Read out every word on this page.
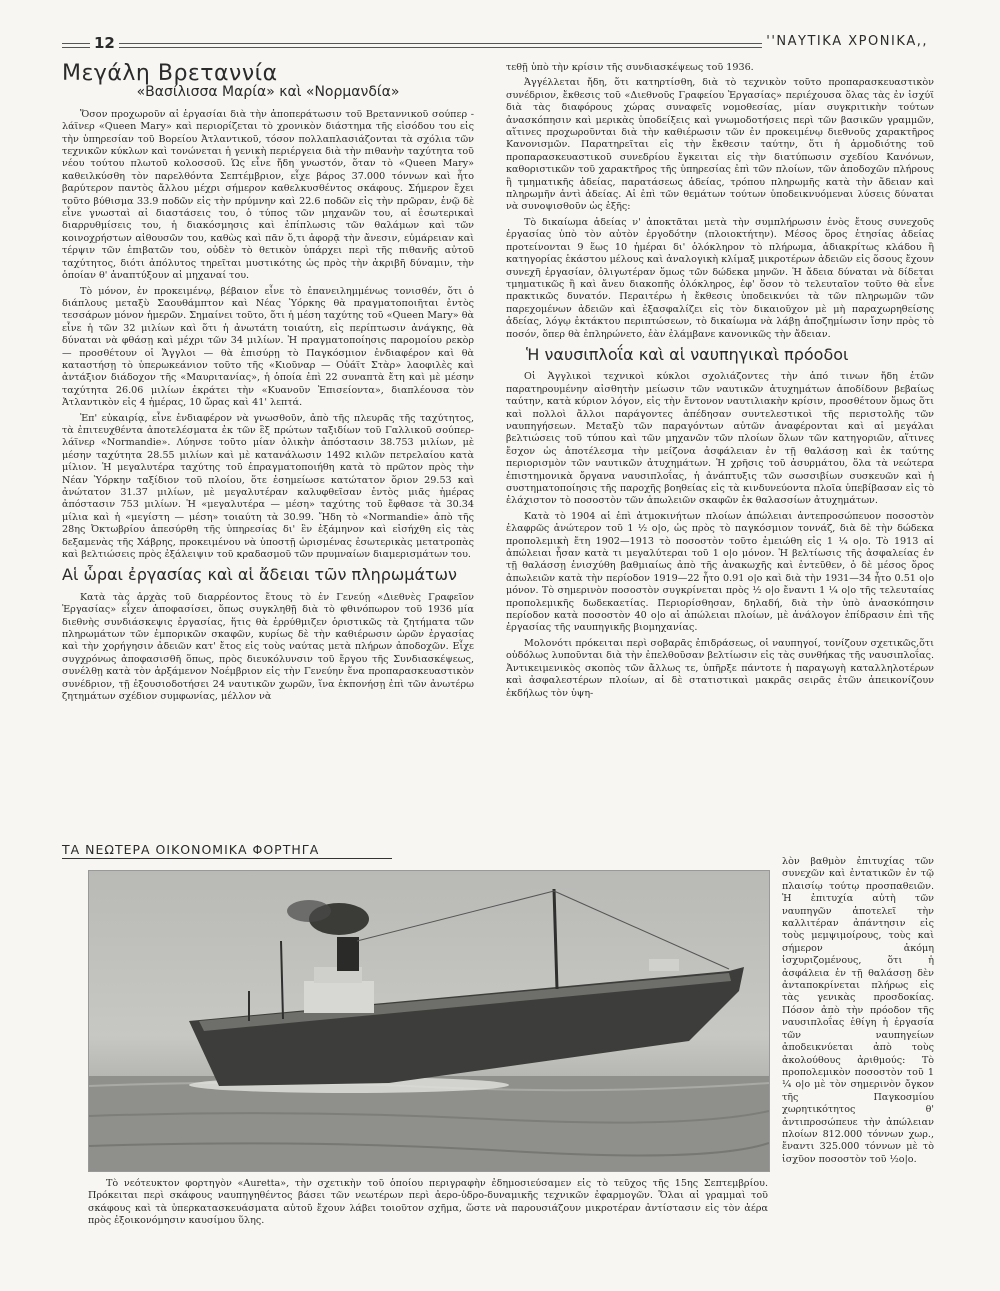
12	''ΝΑΥΤΙΚΑ ΧΡΟΝΙΚΑ,,
Μεγάλη Βρεταννία
«Βασίλισσα Μαρία» καὶ «Νορμανδία»

Ὅσον προχωροῦν αἱ ἐργασίαι διὰ τὴν ἀποπεράτωσιν τοῦ Βρεταννικοῦ σούπερ - λάϊνερ «Queen Mary» καὶ περιορίζεται τὸ χρονικὸν διάστημα τῆς εἰσόδου του εἰς τὴν ὑπηρεσίαν τοῦ Βορείου Ἀτλαντικοῦ, τόσον πολλαπλασιάζονται τὰ σχόλια τῶν τεχνικῶν κύκλων καὶ τονώνεται ἡ γενικὴ περιέργεια διὰ τὴν πιθανὴν ταχύτητα τοῦ νέου τούτου πλωτοῦ κολοσσοῦ. Ὡς εἶνε ἤδη γνωστόν, ὅταν τὸ «Queen Mary» καθειλκύσθη τὸν παρελθόντα Σεπτέμβριον, εἶχε βάρος 37.000 τόννων καὶ ἦτο βαρύτερον παντὸς ἄλλου μέχρι σήμερον καθελκυσθέντος σκάφους. Σήμερον ἔχει τοῦτο βύθισμα 33.9 ποδῶν εἰς τὴν πρύμνην καὶ 22.6 ποδῶν εἰς τὴν πρῶραν, ἐνῷ δὲ εἶνε γνωσταὶ αἱ διαστάσεις του, ὁ τύπος τῶν μηχανῶν του, αἱ ἐσωτερικαὶ διαρρυθμίσεις του, ἡ διακόσμησις καὶ ἐπίπλωσις τῶν θαλάμων καὶ τῶν κοινοχρήστων αἰθουσῶν του, καθὼς καὶ πᾶν ὅ,τι ἀφορᾷ τὴν ἄνεσιν, εὐμάρειαν καὶ τέρψιν τῶν ἐπιβατῶν του, οὐδὲν τὸ θετικὸν ὑπάρχει περὶ τῆς πιθανῆς αὐτοῦ ταχύτητος, διότι ἀπόλυτος τηρεῖται μυστικότης ὡς πρὸς τὴν ἀκριβῆ δύναμιν, τὴν ὁποίαν θ' ἀναπτύξουν αἱ μηχαναί του.

Τὸ μόνον, ἐν προκειμένῳ, βέβαιον εἶνε τὸ ἐπανειλημμένως τονισθέν, ὅτι ὁ διάπλους μεταξὺ Σαουθάμπτον καὶ Νέας Ὑόρκης θὰ πραγματοποιῆται ἐντὸς τεσσάρων μόνον ἡμερῶν. Σημαίνει τοῦτο, ὅτι ἡ μέση ταχύτης τοῦ «Queen Mary» θὰ εἶνε ἡ τῶν 32 μιλίων καὶ ὅτι ἡ ἀνωτάτη τοιαύτη, εἰς περίπτωσιν ἀνάγκης, θὰ δύναται νὰ φθάσῃ καὶ μέχρι τῶν 34 μιλίων. Ἡ πραγματοποίησις παρομοίου ρεκὸρ — προσθέτουν οἱ Ἄγγλοι — θὰ ἐπισύρῃ τὸ Παγκόσμιον ἐνδιαφέρον καὶ θὰ καταστήσῃ τὸ ὑπερωκεάνιον τοῦτο τῆς «Κιοῦναρ — Οὐάϊτ Στὰρ» λαοφιλὲς καὶ ἀντάξιον διάδοχον τῆς «Μαυριτανίας», ἡ ὁποία ἐπὶ 22 συναπτὰ ἔτη καὶ μὲ μέσην ταχύτητα 26.06 μιλίων ἐκράτει τὴν «Κυανοῦν Ἐπισείοντα», διαπλέουσα τὸν Ἀτλαντικὸν εἰς 4 ἡμέρας, 10 ὥρας καὶ 41' λεπτά.

Ἐπ' εὐκαιρίᾳ, εἶνε ἐνδιαφέρον νὰ γνωσθοῦν, ἀπὸ τῆς πλευρᾶς τῆς ταχύτητος, τὰ ἐπιτευχθέντα ἀποτελέσματα ἐκ τῶν ἓξ πρώτων ταξιδίων τοῦ Γαλλικοῦ σούπερ-λάϊνερ «Normandie». Λύηνσε τοῦτο μίαν ὁλικὴν ἀπόστασιν 38.753 μιλίων, μὲ μέσην ταχύτητα 28.55 μιλίων καὶ μὲ κατανάλωσιν 1492 κιλῶν πετρελαίου κατὰ μίλιον. Ἡ μεγαλυτέρα ταχύτης τοῦ ἐπραγματοποιήθη κατὰ τὸ πρῶτον πρὸς τὴν Νέαν Ὑόρκην ταξίδιον τοῦ πλοίου, ὅτε ἐσημείωσε κατώτατον ὅριον 29.53 καὶ ἀνώτατον 31.37 μιλίων, μὲ μεγαλυτέραν καλυφθεῖσαν ἐντὸς μιᾶς ἡμέρας ἀπόστασιν 753 μιλίων. Ἡ «μεγαλυτέρα — μέση» ταχύτης τοῦ ἔφθασε τὰ 30.34 μίλια καὶ ἡ «μεγίστη — μέση» τοιαύτη τὰ 30.99. Ἤδη τὸ «Normandie» ἀπὸ τῆς 28ης Ὀκτωβρίου ἀπεσύρθη τῆς ὑπηρεσίας δι' ἓν ἑξάμηνον καὶ εἰσήχθη εἰς τὰς δεξαμενὰς τῆς Χάβρης, προκειμένου νὰ ὑποστῇ ὡρισμένας ἐσωτερικὰς μετατροπὰς καὶ βελτιώσεις πρὸς ἐξάλειψιν τοῦ κραδασμοῦ τῶν πρυμναίων διαμερισμάτων του.

Αἱ ὧραι ἐργασίας καὶ αἱ ἄδειαι τῶν πληρωμάτων

Κατὰ τὰς ἀρχὰς τοῦ διαρρέοντος ἔτους τὸ ἐν Γενεύῃ «Διεθνὲς Γραφεῖον Ἐργασίας» εἶχεν ἀποφασίσει, ὅπως συγκληθῇ διὰ τὸ φθινόπωρον τοῦ 1936 μία διεθνὴς συνδιάσκεψις ἐργασίας, ἥτις θὰ ἐρρύθμιζεν ὁριστικῶς τὰ ζητήματα τῶν πληρωμάτων τῶν ἐμπορικῶν σκαφῶν, κυρίως δὲ τὴν καθιέρωσιν ὡρῶν ἐργασίας καὶ τὴν χορήγησιν ἀδειῶν κατ' ἔτος εἰς τοὺς ναύτας μετὰ πλήρων ἀποδοχῶν. Εἶχε συγχρόνως ἀποφασισθῆ ὅπως, πρὸς διευκόλυνσιν τοῦ ἔργου τῆς Συνδιασκέψεως, συνέλθῃ κατὰ τὸν ἀρξάμενον Νοέμβριον εἰς τὴν Γενεύην ἕνα προπαρασκευαστικὸν συνέδριον, τῇ ἐξουσιοδοτήσει 24 ναυτικῶν χωρῶν, ἵνα ἐκπονήσῃ ἐπὶ τῶν ἀνωτέρω ζητημάτων σχέδιον συμφωνίας, μέλλον νὰ

τεθῇ ὑπὸ τὴν κρίσιν τῆς συνδιασκέψεως τοῦ 1936.

Ἀγγέλλεται ἤδη, ὅτι κατηρτίσθη, διὰ τὸ τεχνικὸν τοῦτο προπαρασκευαστικὸν συνέδριον, ἔκθεσις τοῦ «Διεθνοῦς Γραφείου Ἐργασίας» περιέχουσα ὅλας τὰς ἐν ἰσχύϊ διὰ τὰς διαφόρους χώρας συναφεῖς νομοθεσίας, μίαν συγκριτικὴν τούτων ἀνασκόπησιν καὶ μερικὰς ὑποδείξεις καὶ γνωμοδοτήσεις περὶ τῶν βασικῶν γραμμῶν, αἵτινες προχωροῦνται διὰ τὴν καθιέρωσιν τῶν ἐν προκειμένῳ διεθνοῦς χαρακτῆρος Κανονισμῶν. Παρατηρεῖται εἰς τὴν ἔκθεσιν ταύτην, ὅτι ἡ ἁρμοδιότης τοῦ προπαρασκευαστικοῦ συνεδρίου ἔγκειται εἰς τὴν διατύπωσιν σχεδίου Κανόνων, καθοριστικῶν τοῦ χαρακτῆρος τῆς ὑπηρεσίας ἐπὶ τῶν πλοίων, τῶν ἀποδοχῶν πλήρους ἢ τμηματικῆς ἀδείας, παρατάσεως ἀδείας, τρόπου πληρωμῆς κατὰ τὴν ἄδειαν καὶ πληρωμῆν ἀντὶ ἀδείας. Αἱ ἐπὶ τῶν θεμάτων τούτων ὑποδεικνυόμεναι λύσεις δύναται νὰ συνοψισθοῦν ὡς ἑξῆς:

Τὸ δικαίωμα ἀδείας ν' ἀποκτᾶται μετὰ τὴν συμπλήρωσιν ἑνὸς ἔτους συνεχοῦς ἐργασίας ὑπὸ τὸν αὐτὸν ἐργοδότην (πλοιοκτήτην). Μέσος ὅρος ἐτησίας ἀδείας προτείνονται 9 ἕως 10 ἡμέραι δι' ὁλόκληρον τὸ πλήρωμα, ἀδιακρίτως κλάδου ἢ κατηγορίας ἑκάστου μέλους καὶ ἀναλογικὴ κλίμαξ μικροτέρων ἀδειῶν εἰς ὅσους ἔχουν συνεχῆ ἐργασίαν, ὀλιγωτέραν ὅμως τῶν δώδεκα μηνῶν. Ἡ ἄδεια δύναται νὰ δίδεται τμηματικῶς ἢ καὶ ἄνευ διακοπῆς ὁλόκληρος, ἐφ' ὅσον τὸ τελευταῖον τοῦτο θὰ εἶνε πρακτικῶς δυνατόν. Περαιτέρω ἡ ἔκθεσις ὑποδεικνύει τὰ τῶν πληρωμῶν τῶν παρεχομένων ἀδειῶν καὶ ἐξασφαλίζει εἰς τὸν δικαιοῦχον μὲ μὴ παραχωρηθείσης ἀδείας, λόγῳ ἐκτάκτου περιπτώσεων, τὸ δικαίωμα νὰ λάβῃ ἀποζημίωσιν ἴσην πρὸς τὸ ποσόν, ὅπερ θὰ ἐπληρώνετο, ἐὰν ἐλάμβανε κανονικῶς τὴν ἄδειαν.

Ἡ ναυσιπλοΐα καὶ αἱ ναυπηγικαὶ πρόοδοι

Οἱ Ἀγγλικοὶ τεχνικοὶ κύκλοι σχολιάζοντες τὴν ἀπό τινων ἤδη ἐτῶν παρατηρουμένην αἰσθητὴν μείωσιν τῶν ναυτικῶν ἀτυχημάτων ἀποδίδουν βεβαίως ταύτην, κατὰ κύριον λόγον, εἰς τὴν ἔντονον ναυτιλιακὴν κρίσιν, προσθέτουν ὅμως ὅτι καὶ πολλοὶ ἄλλοι παράγοντες ἀπέδησαν συντελεστικοὶ τῆς περιστολῆς τῶν ναυπηγήσεων. Μεταξὺ τῶν παραγόντων αὐτῶν ἀναφέρονται καὶ αἱ μεγάλαι βελτιώσεις τοῦ τύπου καὶ τῶν μηχανῶν τῶν πλοίων ὅλων τῶν κατηγοριῶν, αἵτινες ἔσχον ὡς ἀποτέλεσμα τὴν μείζονα ἀσφάλειαν ἐν τῇ θαλάσσῃ καὶ ἐκ ταύτης περιορισμὸν τῶν ναυτικῶν ἀτυχημάτων. Ἡ χρῆσις τοῦ ἀσυρμάτου, ὅλα τὰ νεώτερα ἐπιστημονικὰ ὄργανα ναυσιπλοΐας, ἡ ἀνάπτυξις τῶν σωσσιβίων συσκευῶν καὶ ἡ συστηματοποίησις τῆς παροχῆς βοηθείας εἰς τὰ κινδυνεύοντα πλοῖα ὑπεβίβασαν εἰς τὸ ἐλάχιστον τὸ ποσοστὸν τῶν ἀπωλειῶν σκαφῶν ἐκ θαλασσίων ἀτυχημάτων.

Κατὰ τὸ 1904 αἱ ἐπὶ ἀτμοκινήτων πλοίων ἀπώλειαι ἀντεπροσώπευον ποσοστὸν ἐλαφρῶς ἀνώτερον τοῦ 1 ½ ο|ο, ὡς πρὸς τὸ παγκόσμιον τοννάζ, διὰ δὲ τὴν δώδεκα προπολεμικὴ ἔτη 1902—1913 τὸ ποσοστὸν τοῦτο ἐμειώθη εἰς 1 ¼ ο|ο. Τὸ 1913 αἱ ἀπώλειαι ἦσαν κατὰ τι μεγαλύτεραι τοῦ 1 ο|ο μόνον. Ἡ βελτίωσις τῆς ἀσφαλείας ἐν τῇ θαλάσσῃ ἐνισχύθη βαθμιαίως ἀπὸ τῆς ἀνακωχῆς καὶ ἐντεῦθεν, ὁ δὲ μέσος ὅρος ἀπωλειῶν κατὰ τὴν περίοδον 1919—22 ἦτο 0.91 ο|ο καὶ διὰ τὴν 1931—34 ἦτο 0.51 ο|ο μόνον. Τὸ σημερινὸν ποσοστὸν συγκρίνεται πρὸς ½ ο|ο ἔναντι 1 ¼ ο|ο τῆς τελευταίας προπολεμικῆς δωδεκαετίας. Περιορίσθησαν, δηλαδή, διὰ τὴν ὑπὸ ἀνασκόπησιν περίοδον κατὰ ποσοστὸν 40 ο|ο αἱ ἀπώλειαι πλοίων, μὲ ἀνάλογον ἐπίδρασιν ἐπὶ τῆς ἐργασίας τῆς ναυπηγικῆς βιομηχανίας.

Μολονότι πρόκειται περὶ σοβαρᾶς ἐπιδράσεως, οἱ ναυπηγοί, τονίζουν σχετικῶς,ὅτι οὐδόλως λυποῦνται διὰ τὴν ἐπελθοῦσαν βελτίωσιν εἰς τὰς συνθήκας τῆς ναυσιπλοΐας. Ἀντικειμενικὸς σκοπὸς τῶν ἄλλως τε, ὑπῆρξε πάντοτε ἡ παραγωγὴ καταλληλοτέρων καὶ ἀσφαλεστέρων πλοίων, αἱ δὲ στατιστικαὶ μακρᾶς σειρᾶς ἐτῶν ἀπεικονίζουν ἐκδήλως τὸν ὑψη-

ΤΑ ΝΕΩΤΕΡΑ ΟΙΚΟΝΟΜΙΚΑ ΦΟΡΤΗΓΑ

Τὸ νεότευκτον φορτηγὸν «Auretta», τὴν σχετικὴν τοῦ ὁποίου περιγραφὴν ἐδημοσιεύσαμεν εἰς τὸ τεῦχος τῆς 15ης Σεπτεμβρίου. Πρόκειται περὶ σκάφους ναυπηγηθέντος βάσει τῶν νεωτέρων περὶ ἀερο-ὑδρο-δυναμικῆς τεχνικῶν ἐφαρμογῶν. Ὅλαι αἱ γραμμαὶ τοῦ σκάφους καὶ τὰ ὑπερκατασκευάσματα αὐτοῦ ἔχουν λάβει τοιοῦτον σχῆμα, ὥστε νὰ παρουσιάζουν μικροτέραν ἀντίστασιν εἰς τὸν ἀέρα πρὸς ἐξοικονόμησιν καυσίμου ὕλης.

λὸν βαθμὸν ἐπιτυχίας τῶν συνεχῶν καὶ ἐντατικῶν ἐν τῷ πλαισίῳ τούτῳ προσπαθειῶν. Ἡ ἐπιτυχία αὐτὴ τῶν ναυπηγῶν ἀποτελεῖ τὴν καλλιτέραν ἀπάντησιν εἰς τοὺς μεμψιμοίρους, τοὺς καὶ σήμερον ἀκόμη ἰσχυριζομένους, ὅτι ἡ ἀσφάλεια ἐν τῇ θαλάσσῃ δὲν ἀνταποκρίνεται πλήρως εἰς τὰς γενικὰς προσδοκίας. Πόσον ἀπὸ τὴν πρόοδον τῆς ναυσιπλοΐας ἐθίγη ἡ ἐργασία τῶν ναυπηγείων ἀποδεικνύεται ἀπὸ τοὺς ἀκολούθους ἀριθμούς: Τὸ προπολεμικὸν ποσοστὸν τοῦ 1 ¼ ο|ο μὲ τὸν σημερινὸν ὄγκον τῆς Παγκοσμίου χωρητικότητος θ' ἀντιπροσώπευε τὴν ἀπώλειαν πλοίων 812.000 τόννων χωρ., ἔναντι 325.000 τόννων μὲ τὸ ἰσχῦον ποσοστὸν τοῦ ½ο|ο.
